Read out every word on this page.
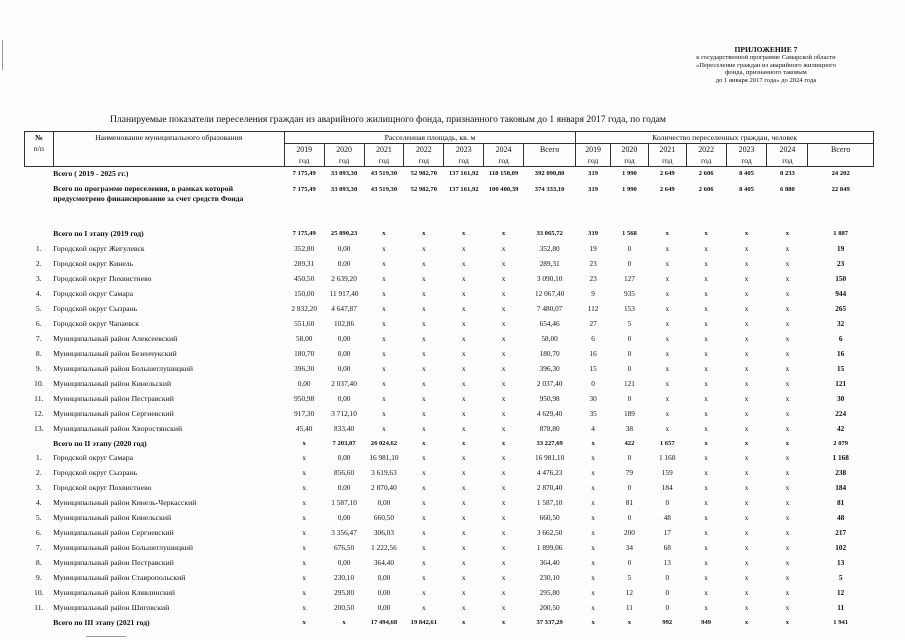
ПРИЛОЖЕНИЕ 7
к государственной программе Самарской области
«Переселение граждан из аварийного жилищного
фонда, признанного таковым
до 1 января 2017 года» до 2024 года
Планируемые показатели переселения граждан из аварийного жилищного фонда, признанного таковым до 1 января 2017 года, по годам
№
п/п	Наименование муниципального образования	Расселенная площадь, кв. м							Количество переселенных граждан, человек						
		2019	2020	2021	2022	2023	2024	Всего	2019	2020	2021	2022	2023	2024	Всего
		год	год	год	год	год	год		год	год	год	год	год	год	
	Всего ( 2019 - 2025 гг.)	7 175,49	33 093,30	43 519,30	52 982,70	137 161,92	118 158,09	392 090,80	319	1 990	2 649	2 606	8 405	8 233	24 202
	Всего по программе переселения, в рамках которой предусмотрено финансирование за счет средств Фонда	7 175,49	33 093,30	43 519,30	52 982,70	137 161,92	100 400,39	374 333,10	319	1 990	2 649	2 606	8 405	6 880	22 849
	Всего по I этапу (2019 год)	7 175,49	25 890,23	x	x	x	x	33 065,72	319	1 568	x	x	x	x	1 887
1.	Городской округ Жигулевск	352,80	0,00	x	x	x	x	352,80	19	0	x	x	x	x	19
2.	Городской округ Кинель	289,31	0,00	x	x	x	x	289,31	23	0	x	x	x	x	23
3.	Городской округ Похвистнево	450,50	2 639,20	x	x	x	x	3 090,10	23	127	x	x	x	x	150
4.	Городской округ Самара	150,00	11 917,40	x	x	x	x	12 067,40	9	935	x	x	x	x	944
5.	Городской округ Сызрань	2 832,20	4 647,87	x	x	x	x	7 480,07	112	153	x	x	x	x	265
6.	Городской округ Чапаевск	551,60	102,86	x	x	x	x	654,46	27	5	x	x	x	x	32
7.	Муниципальный район Алексеевский	58,00	0,00	x	x	x	x	58,00	6	0	x	x	x	x	6
8.	Муниципальный район Безенчукский	180,70	0,00	x	x	x	x	180,70	16	0	x	x	x	x	16
9.	Муниципальный район Большеглушицкий	396,30	0,00	x	x	x	x	396,30	15	0	x	x	x	x	15
10.	Муниципальный район Кинельский	0,00	2 037,40	x	x	x	x	2 037,40	0	121	x	x	x	x	121
11.	Муниципальный район Пестравский	950,98	0,00	x	x	x	x	950,98	30	0	x	x	x	x	30
12.	Муниципальный район Сергиевский	917,30	3 712,10	x	x	x	x	4 629,40	35	189	x	x	x	x	224
13.	Муниципальный район Хворостянский	45,40	833,40	x	x	x	x	878,80	4	38	x	x	x	x	42
	Всего по II этапу (2020 год)	x	7 203,07	26 024,62	x	x	x	33 227,69	x	422	1 657	x	x	x	2 079
1.	Городской округ Самара	x	0,00	16 981,10	x	x	x	16 981,10	x	0	1 168	x	x	x	1 168
2.	Городской округ Сызрань	x	856,60	3 619,63	x	x	x	4 476,23	x	79	159	x	x	x	238
3.	Городской округ Похвистнево	x	0,00	2 870,40	x	x	x	2 870,40	x	0	184	x	x	x	184
4.	Муниципальный район Кинель-Черкасский	x	1 587,10	0,00	x	x	x	1 587,10	x	81	0	x	x	x	81
5.	Муниципальный район Кинельский	x	0,00	660,50	x	x	x	660,50	x	0	48	x	x	x	48
6.	Муниципальный район Сергиевский	x	3 356,47	306,03	x	x	x	3 662,50	x	200	17	x	x	x	217
7.	Муниципальный район Большеглушицкий	x	676,50	1 222,56	x	x	x	1 899,06	x	34	68	x	x	x	102
8.	Муниципальный район Пестравский	x	0,00	364,40	x	x	x	364,40	x	0	13	x	x	x	13
9.	Муниципальный район Ставропольский	x	230,10	0,00	x	x	x	230,10	x	5	0	x	x	x	5
10.	Муниципальный район Клявлинский	x	295,80	0,00	x	x	x	295,80	x	12	0	x	x	x	12
11.	Муниципальный район Шиговский	x	200,50	0,00	x	x	x	200,50	x	11	0	x	x	x	11
	Всего по III этапу (2021 год)	x	x	17 494,68	19 842,61	x	x	37 337,29	x	x	992	949	x	x	1 941
